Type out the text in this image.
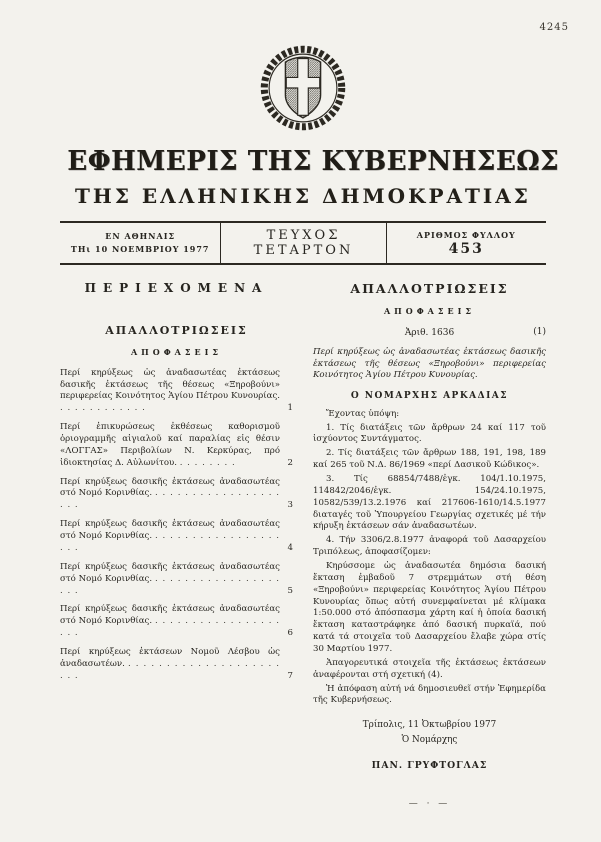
4245
ΕΦΗΜΕΡΙΣ ΤΗΣ ΚΥΒΕΡΝΗΣΕΩΣ
ΤΗΣ ΕΛΛΗΝΙΚΗΣ ΔΗΜΟΚΡΑΤΙΑΣ
ΕΝ ΑΘΗΝΑΙΣ
ΤΗι 10 ΝΟΕΜΒΡΙΟΥ 1977
ΤΕΥΧΟΣ ΤΕΤΑΡΤΟΝ
ΑΡΙΘΜΟΣ ΦΥΛΛΟΥ
453
ΠΕΡΙΕΧΟΜΕΝΑ
ΑΠΑΛΛΟΤΡΙΩΣΕΙΣ
ΑΠΟΦΑΣΕΙΣ
Περί κηρύξεως ὡς ἀναδασωτέας ἐκτάσεως δασικῆς ἐκτάσεως τῆς θέσεως «Ξηροβούνι» περιφερείας Κοινότητος Ἁγίου Πέτρου Κυνουρίας. . . . . . . . . . . . .	1
Περί ἐπικυρώσεως ἐκθέσεως καθορισμοῦ ὁριογραμμῆς αἰγιαλοῦ καί παραλίας εἰς θέσιν «ΛΟΓΓΑΣ» Περιβολίων Ν. Κερκύρας, πρό ἰδιοκτησίας Δ. Αὐλωνίτου. . . . . . . . .	2
Περί κηρύξεως δασικῆς ἐκτάσεως ἀναδασωτέας στό Νομό Κορινθίας. . . . . . . . . . . . . . . . . . . . .	3
Περί κηρύξεως δασικῆς ἐκτάσεως ἀναδασωτέας στό Νομό Κορινθίας. . . . . . . . . . . . . . . . . . . . .	4
Περί κηρύξεως δασικῆς ἐκτάσεως ἀναδασωτέας στό Νομό Κορινθίας. . . . . . . . . . . . . . . . . . . . .	5
Περί κηρύξεως δασικῆς ἐκτάσεως ἀναδασωτέας στό Νομό Κορινθίας. . . . . . . . . . . . . . . . . . . . .	6
Περί κηρύξεως ἐκτάσεων Νομοῦ Λέσβου ὡς ἀναδασωτέων. . . . . . . . . . . . . . . . . . . . . . . .	7
ΑΠΑΛΛΟΤΡΙΩΣΕΙΣ
ΑΠΟΦΑΣΕΙΣ
Ἀριθ. 1636	(1)

Περί κηρύξεως ὡς ἀναδασωτέας ἐκτάσεως δασικῆς ἐκτάσεως τῆς θέσεως «Ξηροβούνι» περιφερείας Κοινότητος Ἁγίου Πέτρου Κυνουρίας.

Ο ΝΟΜΑΡΧΗΣ ΑΡΚΑΔΙΑΣ

Ἔχοντας ὑπόψη:

1. Τίς διατάξεις τῶν ἄρθρων 24 καί 117 τοῦ ἰσχύοντος Συντάγματος.

2. Τίς διατάξεις τῶν ἄρθρων 188, 191, 198, 189 καί 265 τοῦ Ν.Δ. 86/1969 «περί Δασικοῦ Κώδικος».

3. Τίς 68854/7488/ἐγκ. 104/1.10.1975, 114842/2046/ἐγκ. 154/24.10.1975, 10582/539/13.2.1976 καί 217606-1610/14.5.1977 διαταγές τοῦ Ὑπουργείου Γεωργίας σχετικές μέ τήν κήρυξη ἐκτάσεων σάν ἀναδασωτέων.

4. Τήν 3306/2.8.1977 ἀναφορά τοῦ Δασαρχείου Τριπόλεως, ἀποφασίζομεν:

Κηρύσσομε ὡς ἀναδασωτέα δημόσια δασική ἔκταση ἐμβαδοῦ 7 στρεμμάτων στή θέση «Ξηροβούνι» περιφερείας Κοινότητος Ἁγίου Πέτρου Κυνουρίας ὅπως αὐτή συνεμφαίνεται μέ κλίμακα 1:50.000 στό ἀπόσπασμα χάρτη καί ἡ ὁποία δασική ἔκταση καταστράφηκε ἀπό δασική πυρκαϊά, πού κατά τά στοιχεῖα τοῦ Δασαρχείου ἔλαβε χώρα στίς 30 Μαρτίου 1977.

Ἀπαγορευτικά στοιχεῖα τῆς ἐκτάσεως ἐκτάσεων ἀναφέρονται στή σχετική (4).

Ἡ ἀπόφαση αὐτή νά δημοσιευθεῖ στήν Ἐφημερίδα τῆς Κυβερνήσεως.

Τρίπολις, 11 Ὀκτωβρίου 1977
Ὁ Νομάρχης
ΠΑΝ. ΓΡΥΦΤΟΓΛΑΣ
— · —
